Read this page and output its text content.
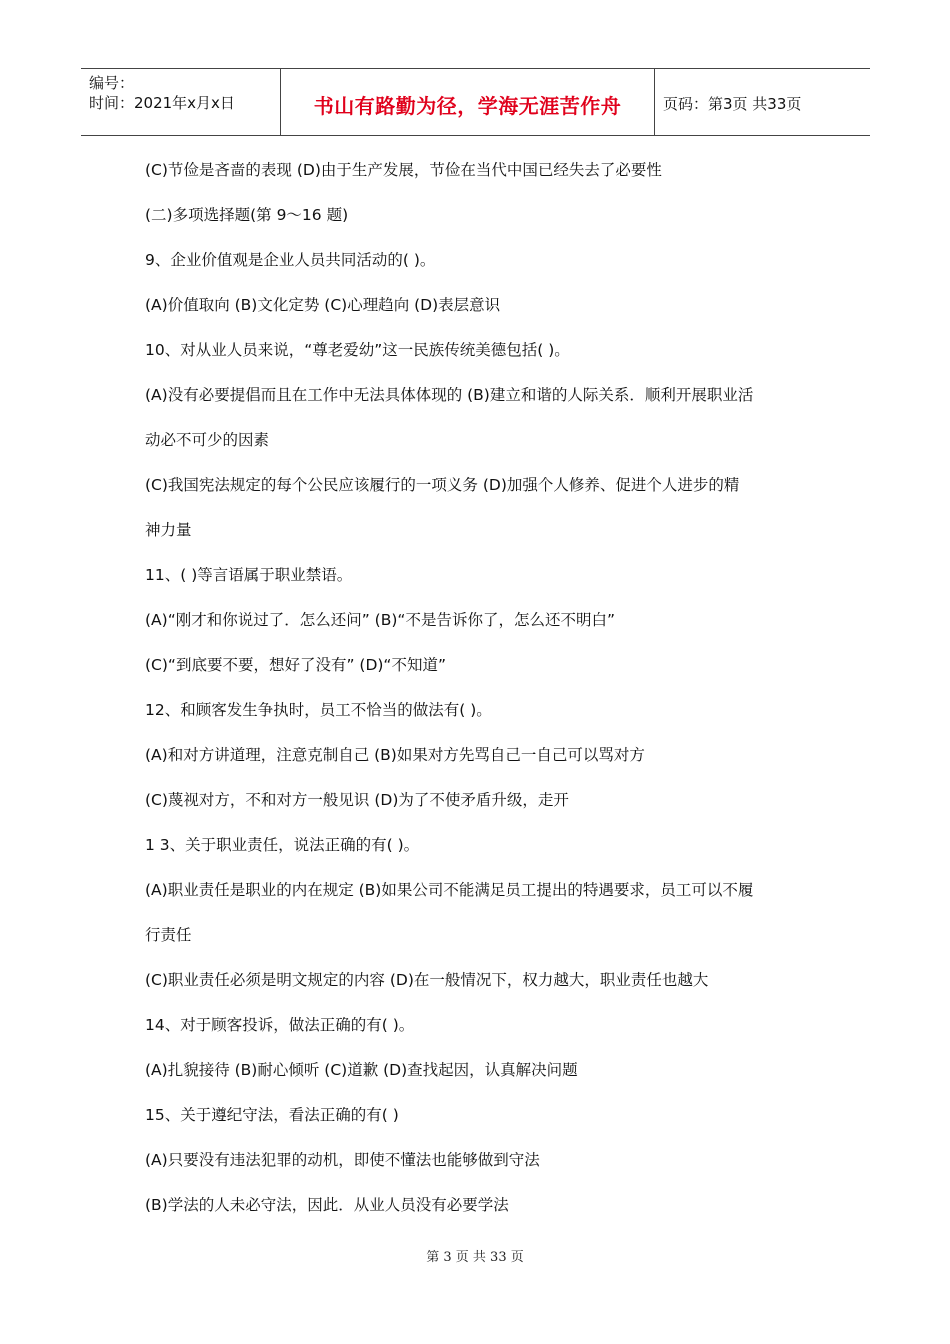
编号：
时间：2021年x月x日	书山有路勤为径，学海无涯苦作舟	页码：第3页 共33页
(C)节俭是吝啬的表现 (D)由于生产发展，节俭在当代中国已经失去了必要性
(二)多项选择题(第 9～16 题)
9、企业价值观是企业人员共同活动的( )。
(A)价值取向 (B)文化定势 (C)心理趋向 (D)表层意识
10、对从业人员来说，“尊老爱幼”这一民族传统美德包括( )。
(A)没有必要提倡而且在工作中无法具体体现的 (B)建立和谐的人际关系．顺利开展职业活
动必不可少的因素
(C)我国宪法规定的每个公民应该履行的一项义务 (D)加强个人修养、促进个人进步的精
神力量
11、( )等言语属于职业禁语。
(A)“刚才和你说过了．怎么还问” (B)“不是告诉你了，怎么还不明白”
(C)“到底要不要，想好了没有” (D)“不知道”
12、和顾客发生争执时，员工不恰当的做法有( )。
(A)和对方讲道理，注意克制自己 (B)如果对方先骂自己一自己可以骂对方
(C)蔑视对方，不和对方一般见识 (D)为了不使矛盾升级，走开
1 3、关于职业责任，说法正确的有( )。
(A)职业责任是职业的内在规定 (B)如果公司不能满足员工提出的特遇要求，员工可以不履
行责任
(C)职业责任必须是明文规定的内容 (D)在一般情况下，权力越大，职业责任也越大
14、对于顾客投诉，做法正确的有( )。
(A)扎貌接待 (B)耐心倾听 (C)道歉 (D)查找起因，认真解决问题
15、关于遵纪守法，看法正确的有( )
(A)只要没有违法犯罪的动机，即使不懂法也能够做到守法
(B)学法的人未必守法，因此．从业人员没有必要学法
第 3 页 共 33 页
